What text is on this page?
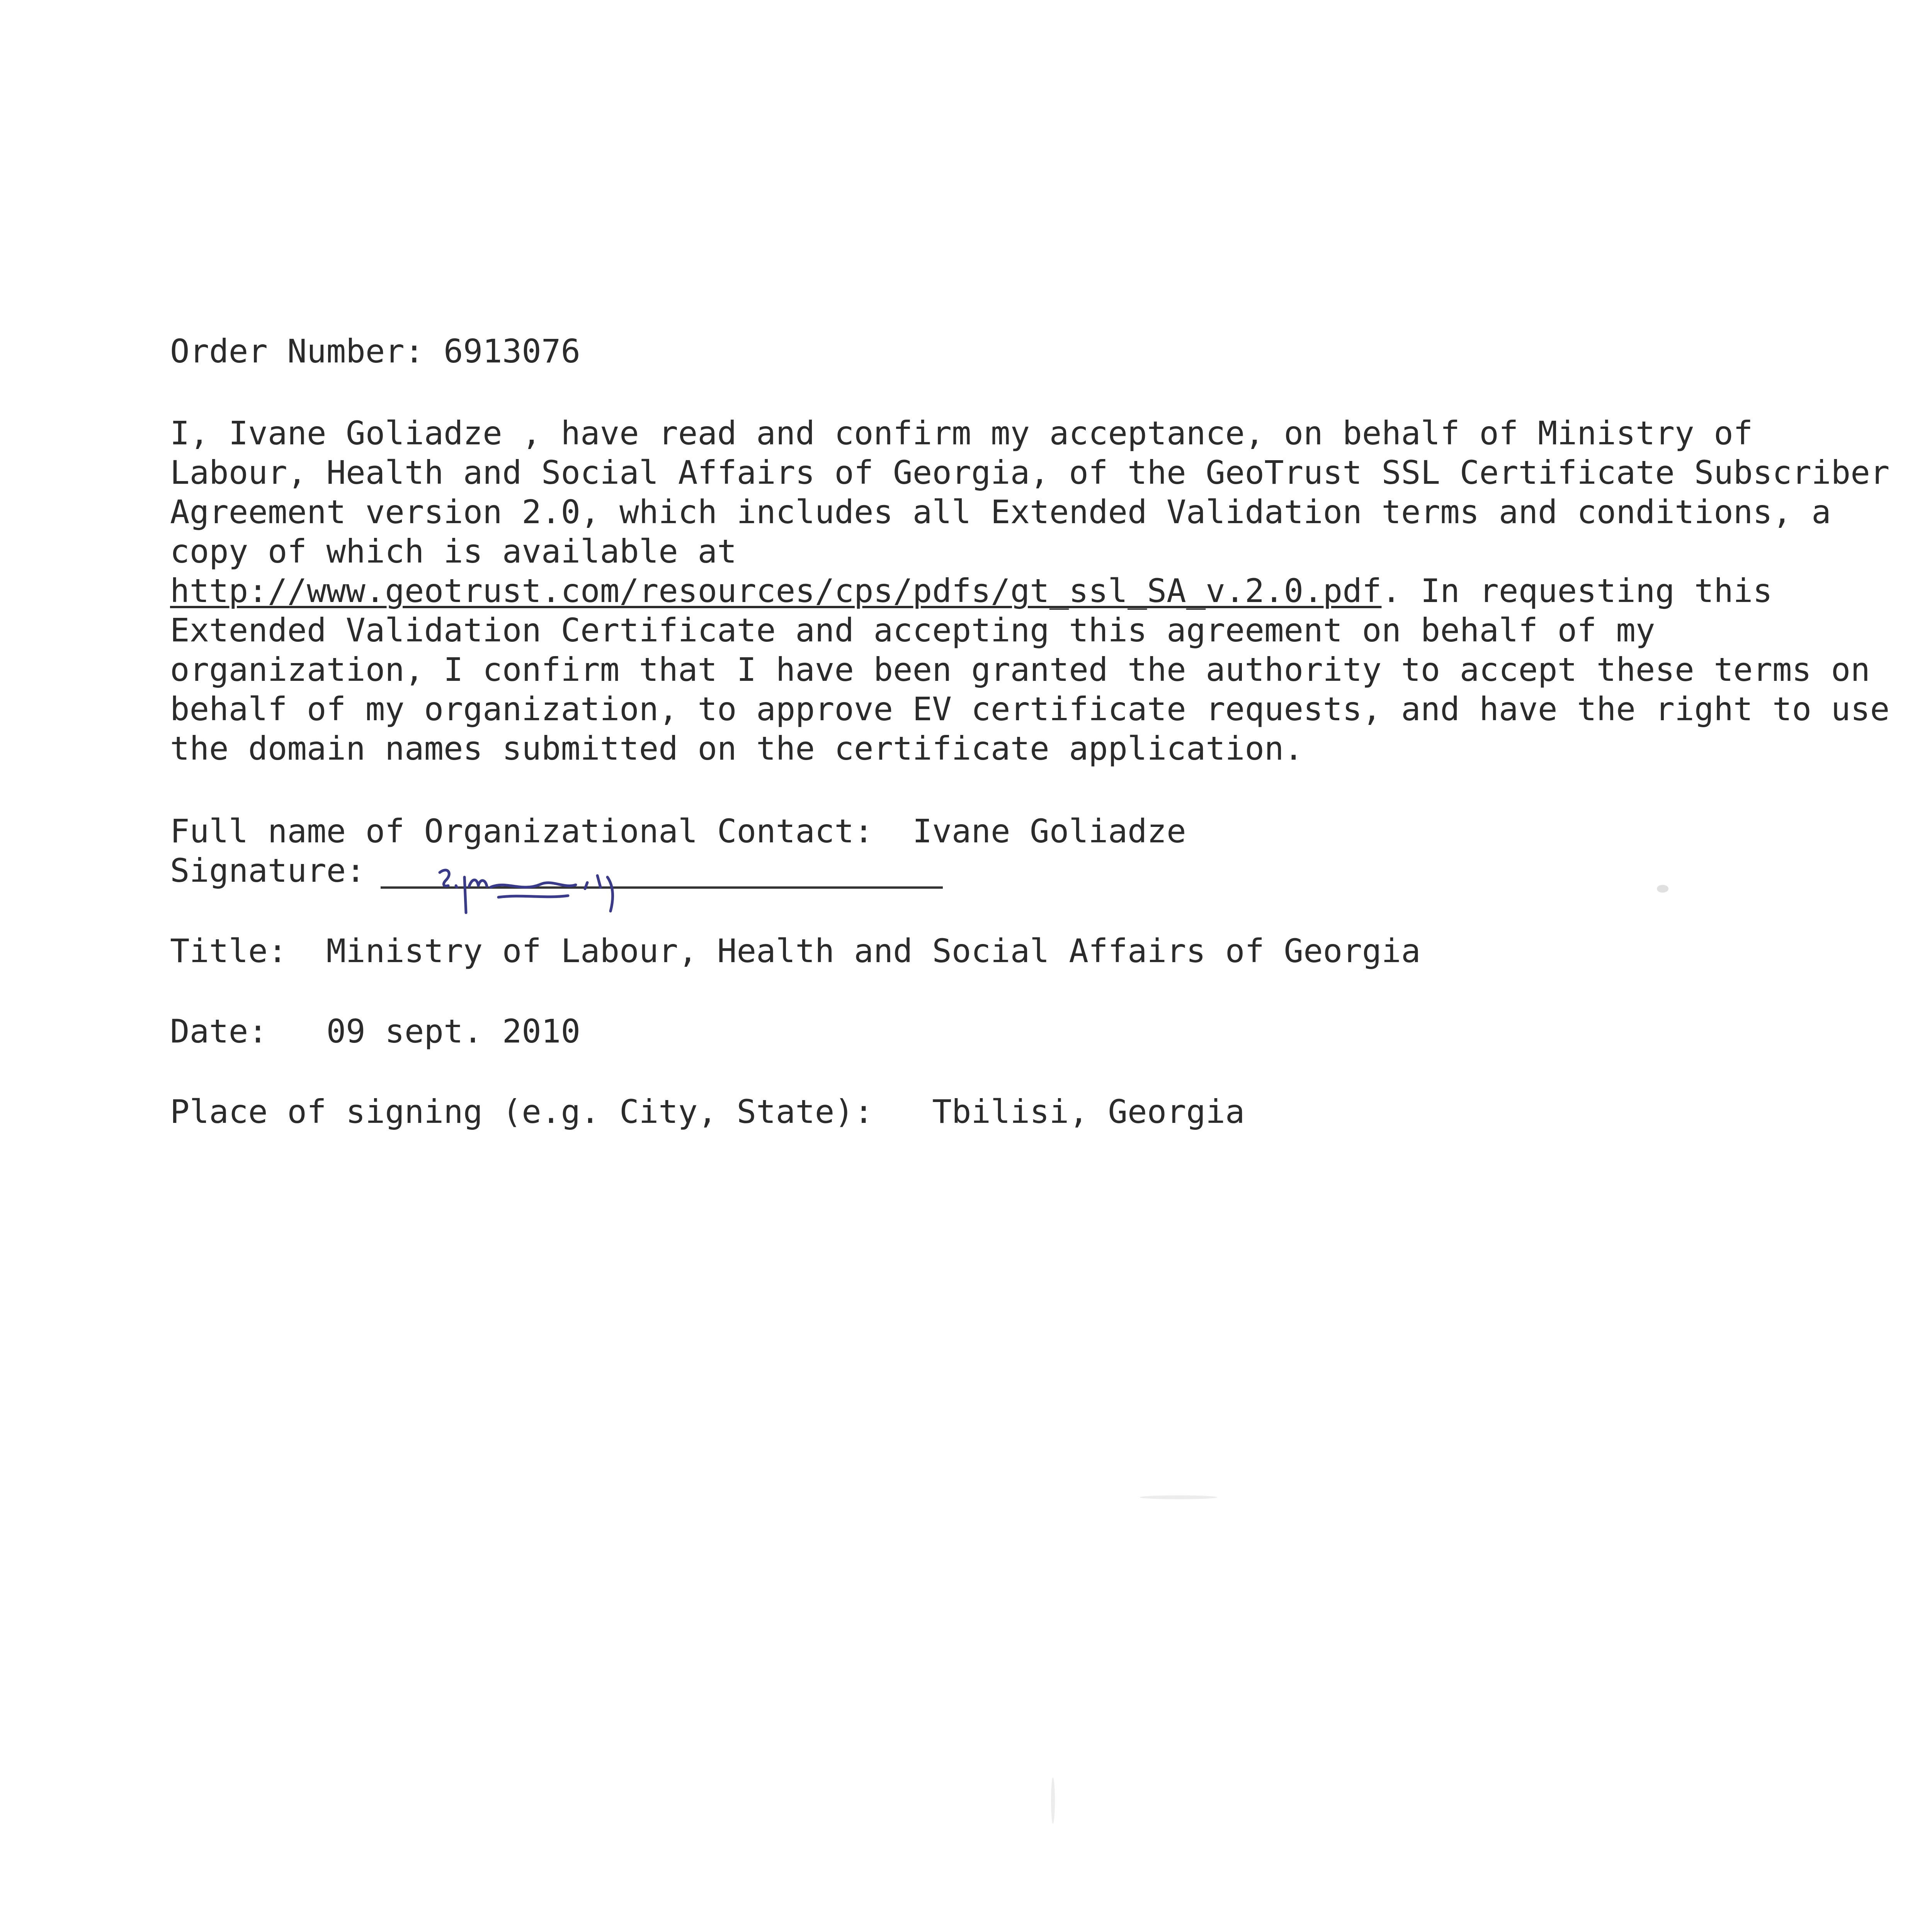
Order Number: 6913076

I, Ivane Goliadze , have read and confirm my acceptance, on behalf of Ministry of

Labour, Health and Social Affairs of Georgia, of the GeoTrust SSL Certificate Subscriber

Agreement version 2.0, which includes all Extended Validation terms and conditions, a

copy of which is available at

http://www.geotrust.com/resources/cps/pdfs/gt_ssl_SA_v.2.0.pdf. In requesting this

Extended Validation Certificate and accepting this agreement on behalf of my

organization, I confirm that I have been granted the authority to accept these terms on

behalf of my organization, to approve EV certificate requests, and have the right to use

the domain names submitted on the certificate application.

Full name of Organizational Contact:  Ivane Goliadze

Signature:

Title:  Ministry of Labour, Health and Social Affairs of Georgia

Date:   09 sept. 2010

Place of signing (e.g. City, State):   Tbilisi, Georgia
